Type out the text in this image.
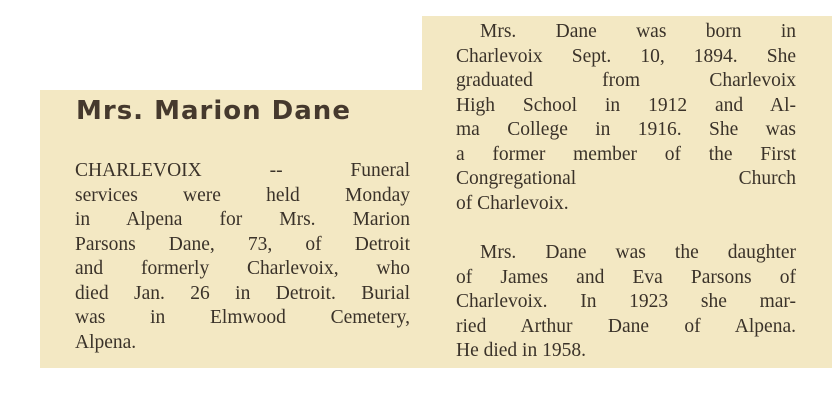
Mrs. Marion Dane

CHARLEVOIX -- Funeral
services were held Monday
in Alpena for Mrs. Marion
Parsons Dane, 73, of Detroit
and formerly Charlevoix, who
died Jan. 26 in Detroit. Burial
was in Elmwood Cemetery,
Alpena.

Mrs. Dane was born in
Charlevoix Sept. 10, 1894. She
graduated from Charlevoix
High School in 1912 and Al-
ma College in 1916. She was
a former member of the First
Congregational Church
of Charlevoix.

Mrs. Dane was the daughter
of James and Eva Parsons of
Charlevoix. In 1923 she mar-
ried Arthur Dane of Alpena.
He died in 1958.
